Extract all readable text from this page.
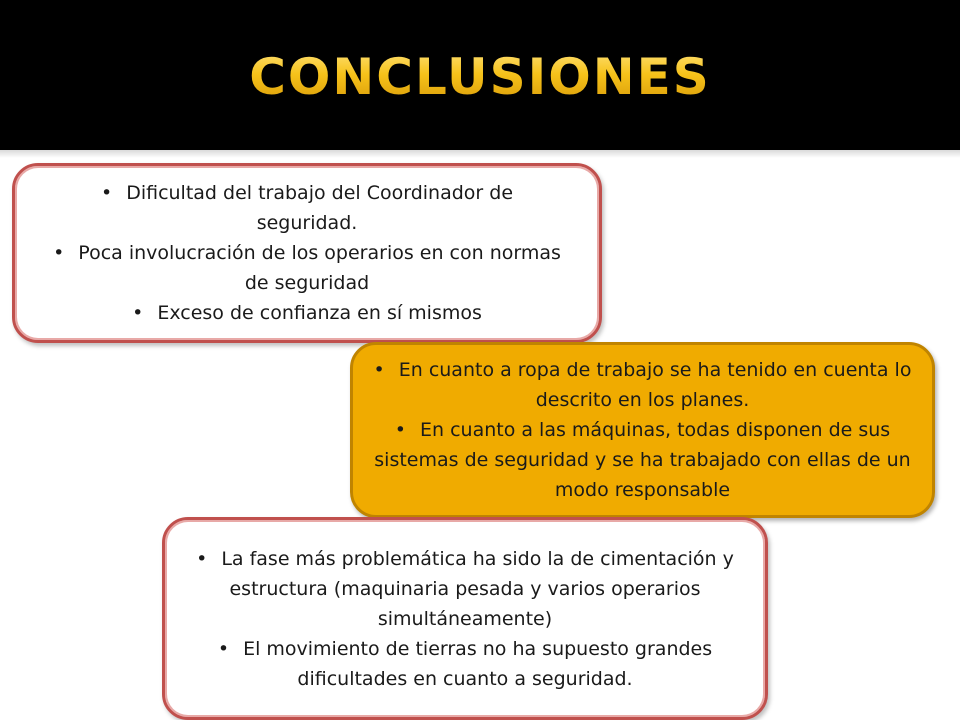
CONCLUSIONES
• Dificultad del trabajo del Coordinador de seguridad.
• Poca involucración de los operarios en con normas de seguridad
• Exceso de confianza en sí mismos
• En cuanto a ropa de trabajo se ha tenido en cuenta lo descrito en los planes.
• En cuanto a las máquinas, todas disponen de sus sistemas de seguridad y se ha trabajado con ellas de un modo responsable
• La fase más problemática ha sido la de cimentación y estructura (maquinaria pesada y varios operarios simultáneamente)
• El movimiento de tierras no ha supuesto grandes dificultades en cuanto a seguridad.
